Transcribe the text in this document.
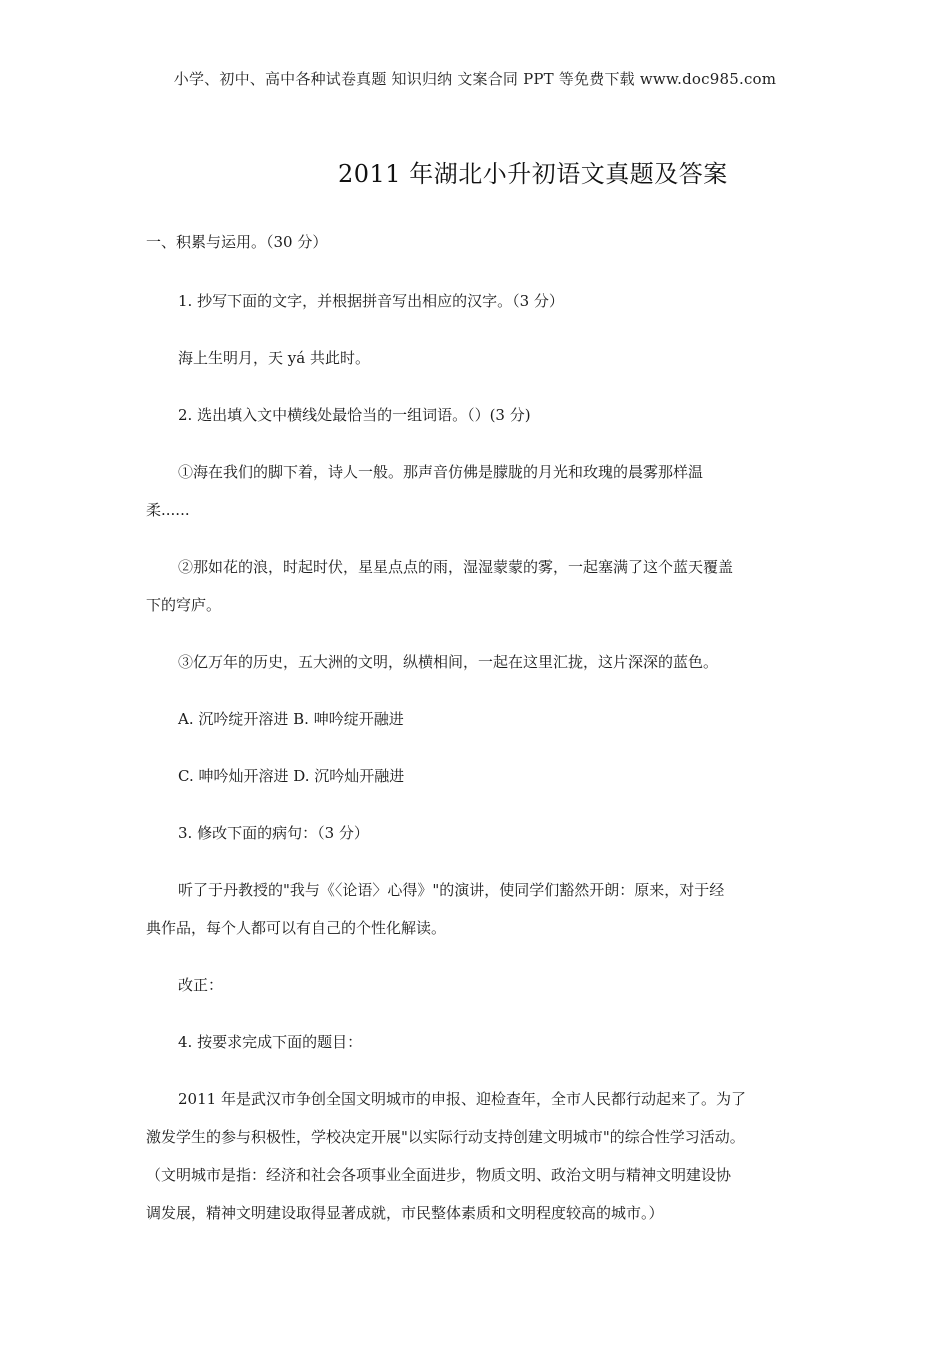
小学、初中、高中各种试卷真题 知识归纳 文案合同 PPT 等免费下载 www.doc985.com
2011 年湖北小升初语文真题及答案
一、积累与运用。（30 分）
1. 抄写下面的文字，并根据拼音写出相应的汉字。（3 分）
海上生明月，天 yá 共此时。
2. 选出填入文中横线处最恰当的一组词语。（）(3 分)
①海在我们的脚下着，诗人一般。那声音仿佛是朦胧的月光和玫瑰的晨雾那样温
柔......
②那如花的浪，时起时伏，星星点点的雨，湿湿蒙蒙的雾，一起塞满了这个蓝天覆盖
下的穹庐。
③亿万年的历史，五大洲的文明，纵横相间，一起在这里汇拢，这片深深的蓝色。
A. 沉吟绽开溶进 B. 呻吟绽开融进
C. 呻吟灿开溶进 D. 沉吟灿开融进
3. 修改下面的病句：（3 分）
听了于丹教授的"我与《〈论语〉心得》"的演讲，使同学们豁然开朗：原来，对于经
典作品，每个人都可以有自己的个性化解读。
改正：
4. 按要求完成下面的题目：
2011 年是武汉市争创全国文明城市的申报、迎检查年，全市人民都行动起来了。为了
激发学生的参与积极性，学校决定开展"以实际行动支持创建文明城市"的综合性学习活动。
（文明城市是指：经济和社会各项事业全面进步，物质文明、政治文明与精神文明建设协
调发展，精神文明建设取得显著成就，市民整体素质和文明程度较高的城市。）
